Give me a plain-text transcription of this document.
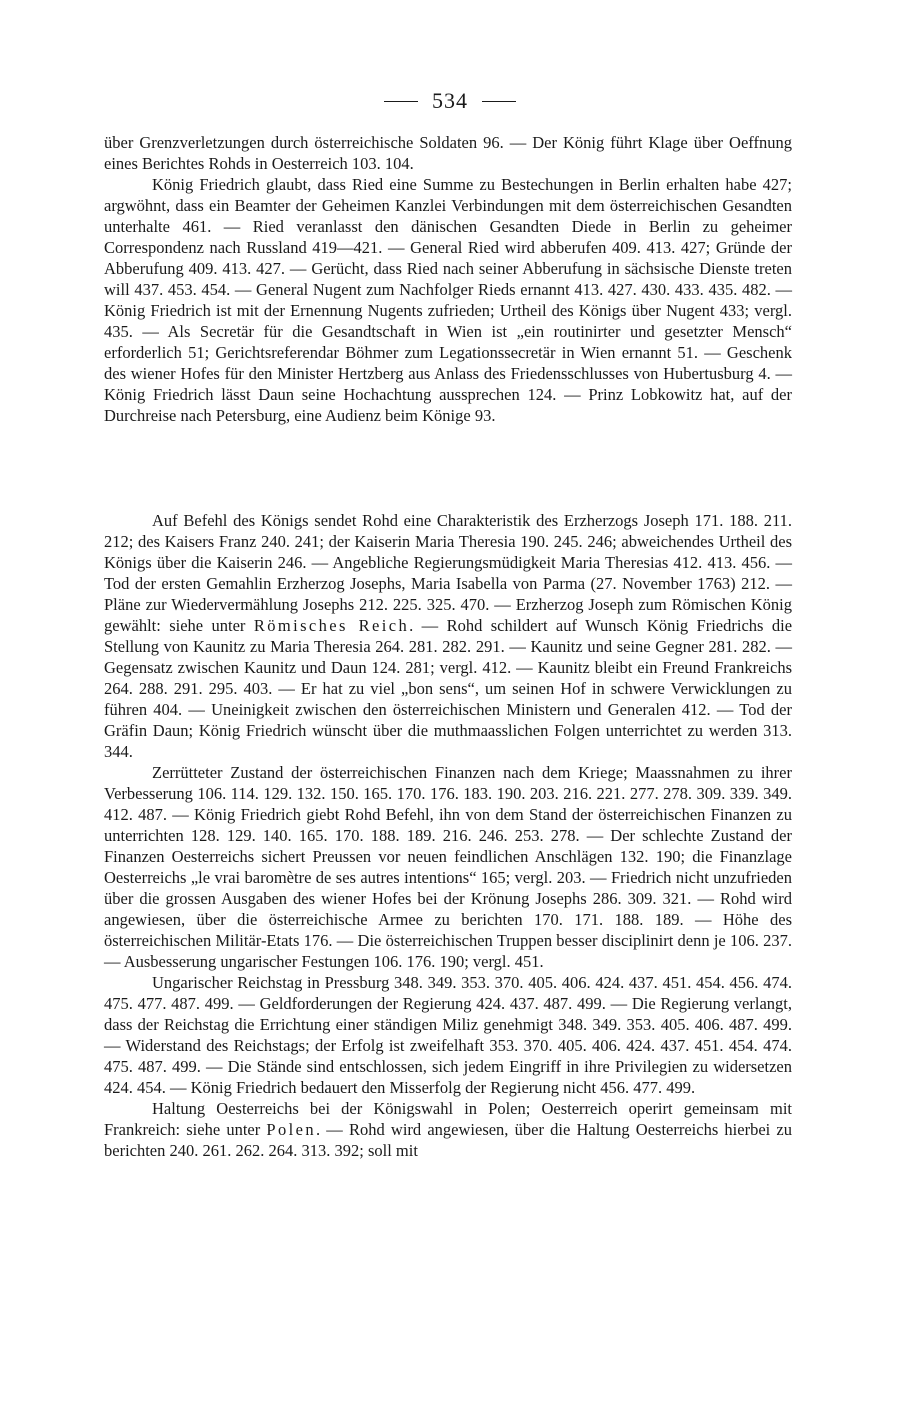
534

über Grenzverletzungen durch österreichische Soldaten 96. — Der König führt Klage über Oeffnung eines Berichtes Rohds in Oesterreich 103. 104.

König Friedrich glaubt, dass Ried eine Summe zu Bestechungen in Berlin erhalten habe 427; argwöhnt, dass ein Beamter der Geheimen Kanzlei Verbindungen mit dem österreichischen Gesandten unterhalte 461. — Ried veranlasst den dänischen Gesandten Diede in Berlin zu geheimer Correspondenz nach Russland 419—421. — General Ried wird abberufen 409. 413. 427; Gründe der Abberufung 409. 413. 427. — Gerücht, dass Ried nach seiner Abberufung in sächsische Dienste treten will 437. 453. 454. — General Nugent zum Nachfolger Rieds ernannt 413. 427. 430. 433. 435. 482. — König Friedrich ist mit der Ernennung Nugents zufrieden; Urtheil des Königs über Nugent 433; vergl. 435. — Als Secretär für die Gesandtschaft in Wien ist „ein routinirter und gesetzter Mensch“ erforderlich 51; Gerichtsreferendar Böhmer zum Legationssecretär in Wien ernannt 51. — Geschenk des wiener Hofes für den Minister Hertzberg aus Anlass des Friedensschlusses von Hubertusburg 4. — König Friedrich lässt Daun seine Hochachtung aussprechen 124. — Prinz Lobkowitz hat, auf der Durchreise nach Petersburg, eine Audienz beim Könige 93.

Auf Befehl des Königs sendet Rohd eine Charakteristik des Erzherzogs Joseph 171. 188. 211. 212; des Kaisers Franz 240. 241; der Kaiserin Maria Theresia 190. 245. 246; abweichendes Urtheil des Königs über die Kaiserin 246. — Angebliche Regierungsmüdigkeit Maria Theresias 412. 413. 456. — Tod der ersten Gemahlin Erzherzog Josephs, Maria Isabella von Parma (27. November 1763) 212. — Pläne zur Wiedervermählung Josephs 212. 225. 325. 470. — Erzherzog Joseph zum Römischen König gewählt: siehe unter Römisches Reich. — Rohd schildert auf Wunsch König Friedrichs die Stellung von Kaunitz zu Maria Theresia 264. 281. 282. 291. — Kaunitz und seine Gegner 281. 282. — Gegensatz zwischen Kaunitz und Daun 124. 281; vergl. 412. — Kaunitz bleibt ein Freund Frankreichs 264. 288. 291. 295. 403. — Er hat zu viel „bon sens“, um seinen Hof in schwere Verwicklungen zu führen 404. — Uneinigkeit zwischen den österreichischen Ministern und Generalen 412. — Tod der Gräfin Daun; König Friedrich wünscht über die muthmaasslichen Folgen unterrichtet zu werden 313. 344.

Zerrütteter Zustand der österreichischen Finanzen nach dem Kriege; Maassnahmen zu ihrer Verbesserung 106. 114. 129. 132. 150. 165. 170. 176. 183. 190. 203. 216. 221. 277. 278. 309. 339. 349. 412. 487. — König Friedrich giebt Rohd Befehl, ihn von dem Stand der österreichischen Finanzen zu unterrichten 128. 129. 140. 165. 170. 188. 189. 216. 246. 253. 278. — Der schlechte Zustand der Finanzen Oesterreichs sichert Preussen vor neuen feindlichen Anschlägen 132. 190; die Finanzlage Oesterreichs „le vrai baromètre de ses autres intentions“ 165; vergl. 203. — Friedrich nicht unzufrieden über die grossen Ausgaben des wiener Hofes bei der Krönung Josephs 286. 309. 321. — Rohd wird angewiesen, über die österreichische Armee zu berichten 170. 171. 188. 189. — Höhe des österreichischen Militär-Etats 176. — Die österreichischen Truppen besser disciplinirt denn je 106. 237. — Ausbesserung ungarischer Festungen 106. 176. 190; vergl. 451.

Ungarischer Reichstag in Pressburg 348. 349. 353. 370. 405. 406. 424. 437. 451. 454. 456. 474. 475. 477. 487. 499. — Geldforderungen der Regierung 424. 437. 487. 499. — Die Regierung verlangt, dass der Reichstag die Errichtung einer ständigen Miliz genehmigt 348. 349. 353. 405. 406. 487. 499. — Widerstand des Reichstags; der Erfolg ist zweifelhaft 353. 370. 405. 406. 424. 437. 451. 454. 474. 475. 487. 499. — Die Stände sind entschlossen, sich jedem Eingriff in ihre Privilegien zu widersetzen 424. 454. — König Friedrich bedauert den Misserfolg der Regierung nicht 456. 477. 499.

Haltung Oesterreichs bei der Königswahl in Polen; Oesterreich operirt gemeinsam mit Frankreich: siehe unter Polen. — Rohd wird angewiesen, über die Haltung Oesterreichs hierbei zu berichten 240. 261. 262. 264. 313. 392; soll mit
